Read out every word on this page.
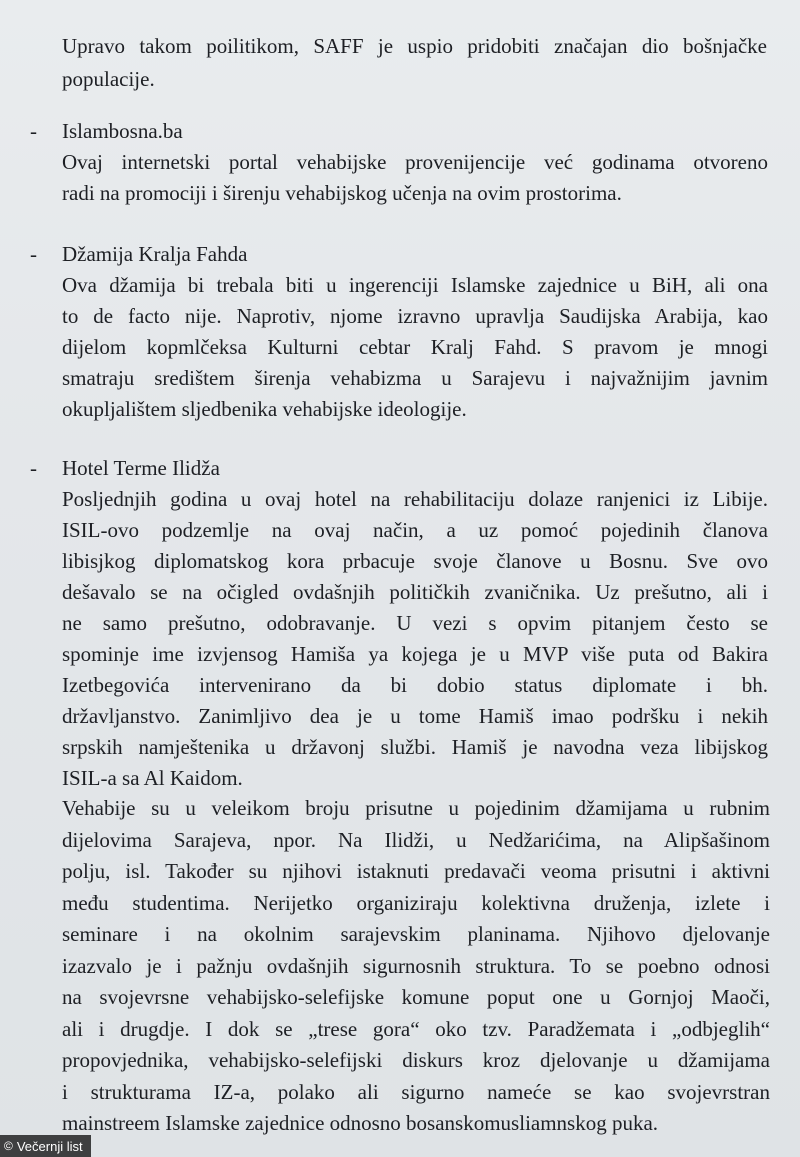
Upravo takom poilitikom, SAFF je uspio pridobiti značajan dio bošnjačke
populacije.
-	Islambosna.ba
Ovaj internetski portal vehabijske provenijencije već godinama otvoreno
radi na promociji i širenju vehabijskog učenja na ovim prostorima.
-	Džamija Kralja Fahda
Ova džamija bi trebala biti u ingerenciji Islamske zajednice u BiH, ali ona
to de facto nije. Naprotiv, njome izravno upravlja Saudijska Arabija, kao
dijelom kopmlčeksa Kulturni cebtar Kralj Fahd. S pravom je mnogi
smatraju središtem širenja vehabizma u Sarajevu i najvažnijim javnim
okupljalištem sljedbenika vehabijske ideologije.
-	Hotel Terme Ilidža
Posljednjih godina u ovaj hotel na rehabilitaciju dolaze ranjenici iz Libije.
ISIL-ovo podzemlje na ovaj način, a uz pomoć pojedinih članova
libisjkog diplomatskog kora prbacuje svoje članove u Bosnu. Sve ovo
dešavalo se na očigled ovdašnjih političkih zvaničnika. Uz prešutno, ali i
ne samo prešutno, odobravanje. U vezi s opvim pitanjem često se
spominje ime izvjensog Hamiša ya kojega je u MVP više puta od Bakira
Izetbegovića intervenirano da bi dobio status diplomate i bh.
državljanstvo. Zanimljivo dea je u tome Hamiš imao podršku i nekih
srpskih namještenika u državonj službi. Hamiš je navodna veza libijskog
ISIL-a sa Al Kaidom.
Vehabije su u veleikom broju prisutne u pojedinim džamijama u rubnim
dijelovima Sarajeva, npor. Na Ilidži, u Nedžarićima, na Alipšašinom
polju, isl. Također su njihovi istaknuti predavači veoma prisutni i aktivni
među studentima. Nerijetko organiziraju kolektivna druženja, izlete i
seminare i na okolnim sarajevskim planinama. Njihovo djelovanje
izazvalo je i pažnju ovdašnjih sigurnosnih struktura. To se poebno odnosi
na svojevrsne vehabijsko-selefijske komune poput one u Gornjoj Maoči,
ali i drugdje. I dok se „trese gora“ oko tzv. Paradžemata i „odbjeglih“
propovjednika, vehabijsko-selefijski diskurs kroz djelovanje u džamijama
i strukturama IZ-a, polako ali sigurno nameće se kao svojevrstran
mainstreem Islamske zajednice odnosno bosanskomusliamnskog puka.
© Večernji list
